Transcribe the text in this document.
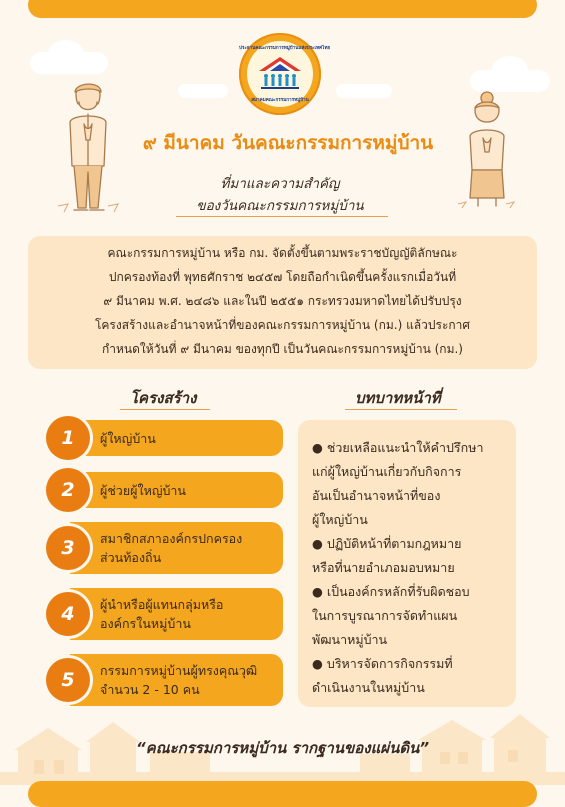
ประธานคณะกรรมการหมู่บ้านแห่งประเทศไทย
สมาคมคณะกรรมการหมู่บ้าน
๙ มีนาคม วันคณะกรรมการหมู่บ้าน
ที่มาและความสำคัญ
ของวันคณะกรรมการหมู่บ้าน
คณะกรรมการหมู่บ้าน หรือ กม. จัดตั้งขึ้นตามพระราชบัญญัติลักษณะ
ปกครองท้องที่ พุทธศักราช ๒๔๕๗ โดยถือกำเนิดขึ้นครั้งแรกเมื่อวันที่
๙ มีนาคม พ.ศ. ๒๔๘๖ และในปี ๒๕๕๑ กระทรวงมหาดไทยได้ปรับปรุง
โครงสร้างและอำนาจหน้าที่ของคณะกรรมการหมู่บ้าน (กม.) แล้วประกาศ
กำหนดให้วันที่ ๙ มีนาคม ของทุกปี เป็นวันคณะกรรมการหมู่บ้าน (กม.)
โครงสร้าง	บทบาทหน้าที่
ผู้ใหญ่บ้าน
1
ผู้ช่วยผู้ใหญ่บ้าน
2
สมาชิกสภาองค์กรปกครอง
ส่วนท้องถิ่น
3
ผู้นำหรือผู้แทนกลุ่มหรือ
องค์กรในหมู่บ้าน
4
กรรมการหมู่บ้านผู้ทรงคุณวุฒิ
จำนวน 2 - 10 คน
5
● ช่วยเหลือแนะนำให้คำปรึกษา
แก่ผู้ใหญ่บ้านเกี่ยวกับกิจการ
อันเป็นอำนาจหน้าที่ของ
ผู้ใหญ่บ้าน
● ปฏิบัติหน้าที่ตามกฎหมาย
หรือที่นายอำเภอมอบหมาย
● เป็นองค์กรหลักที่รับผิดชอบ
ในการบูรณาการจัดทำแผน
พัฒนาหมู่บ้าน
● บริหารจัดการกิจกรรมที่
ดำเนินงานในหมู่บ้าน
“คณะกรรมการหมู่บ้าน รากฐานของแผ่นดิน”
